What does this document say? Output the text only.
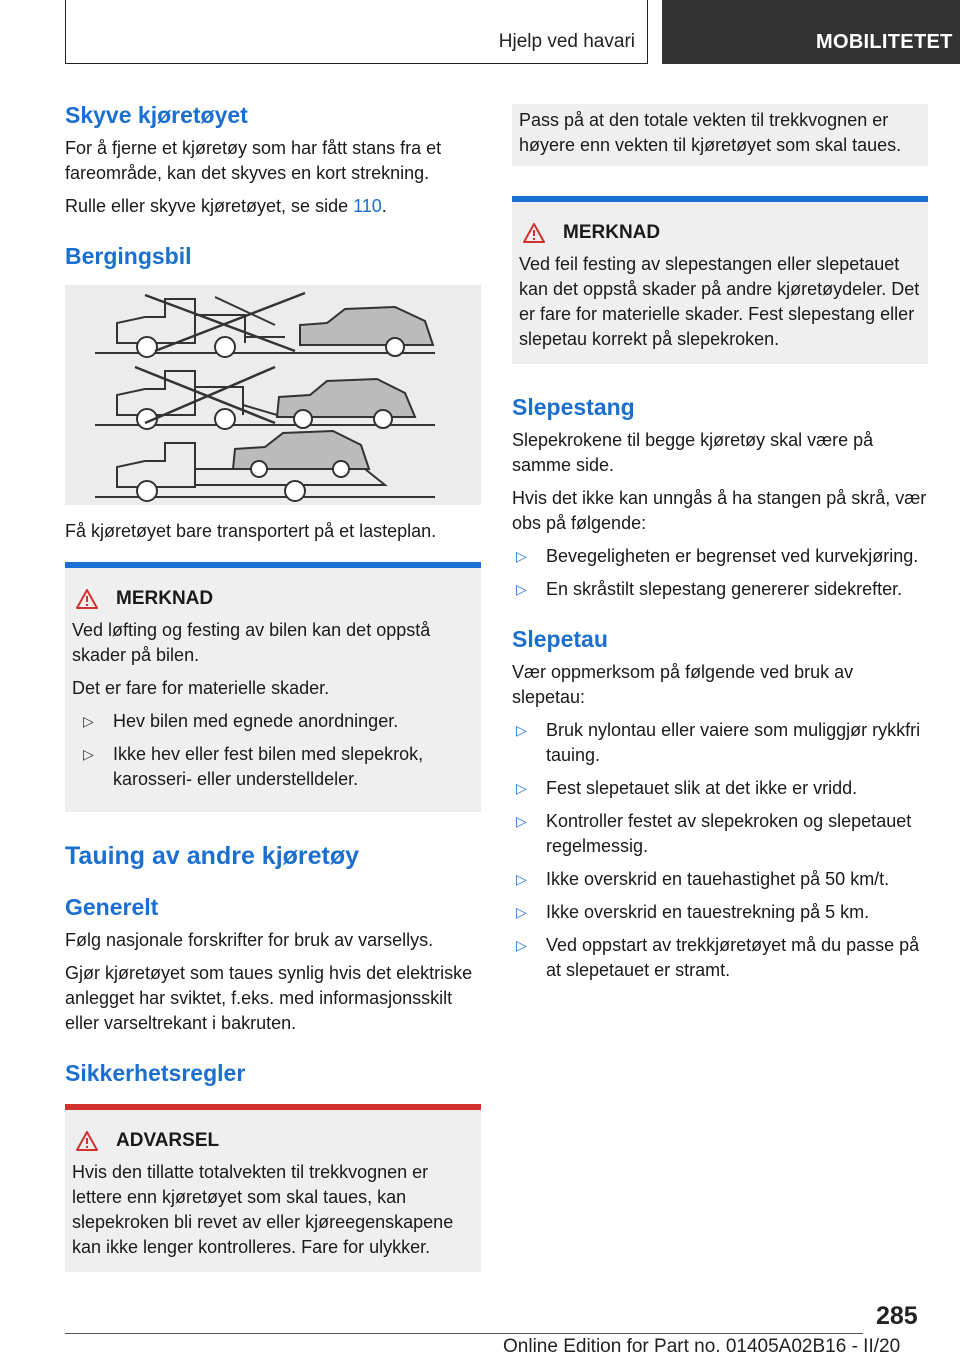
Hjelp ved havari	MOBILITETET
Skyve kjøretøyet

For å fjerne et kjøretøy som har fått stans fra et fareområde, kan det skyves en kort strekning.

Rulle eller skyve kjøretøyet, se side 110.

Bergingsbil

Få kjøretøyet bare transportert på et lasteplan.

MERKNAD

Ved løfting og festing av bilen kan det oppstå skader på bilen.

Det er fare for materielle skader.

▷ Hev bilen med egnede anordninger.
▷ Ikke hev eller fest bilen med slepekrok, karosseri- eller understelldeler.
Tauing av andre kjøretøy
Generelt

Følg nasjonale forskrifter for bruk av varsellys.

Gjør kjøretøyet som taues synlig hvis det elektriske anlegget har sviktet, f.eks. med informasjonsskilt eller varseltrekant i bakruten.

Sikkerhetsregler
ADVARSEL

Hvis den tillatte totalvekten til trekkvognen er lettere enn kjøretøyet som skal taues, kan slepekroken bli revet av eller kjøreegenskapene kan ikke lenger kontrolleres. Fare for ulykker.

Pass på at den totale vekten til trekkvognen er høyere enn vekten til kjøretøyet som skal taues.

MERKNAD

Ved feil festing av slepestangen eller slepetauet kan det oppstå skader på andre kjøretøydeler. Det er fare for materielle skader. Fest slepestang eller slepetau korrekt på slepekroken.

Slepestang

Slepekrokene til begge kjøretøy skal være på samme side.

Hvis det ikke kan unngås å ha stangen på skrå, vær obs på følgende:

▷ Bevegeligheten er begrenset ved kurvekjøring.
▷ En skråstilt slepestang genererer sidekrefter.
Slepetau

Vær oppmerksom på følgende ved bruk av slepetau:

▷ Bruk nylontau eller vaiere som muliggjør rykkfri tauing.
▷ Fest slepetauet slik at det ikke er vridd.
▷ Kontroller festet av slepekroken og slepetauet regelmessig.
▷ Ikke overskrid en tauehastighet på 50 km/t.
▷ Ikke overskrid en tauestrekning på 5 km.
▷ Ved oppstart av trekkjøretøyet må du passe på at slepetauet er stramt.
285
Online Edition for Part no. 01405A02B16 - II/20
